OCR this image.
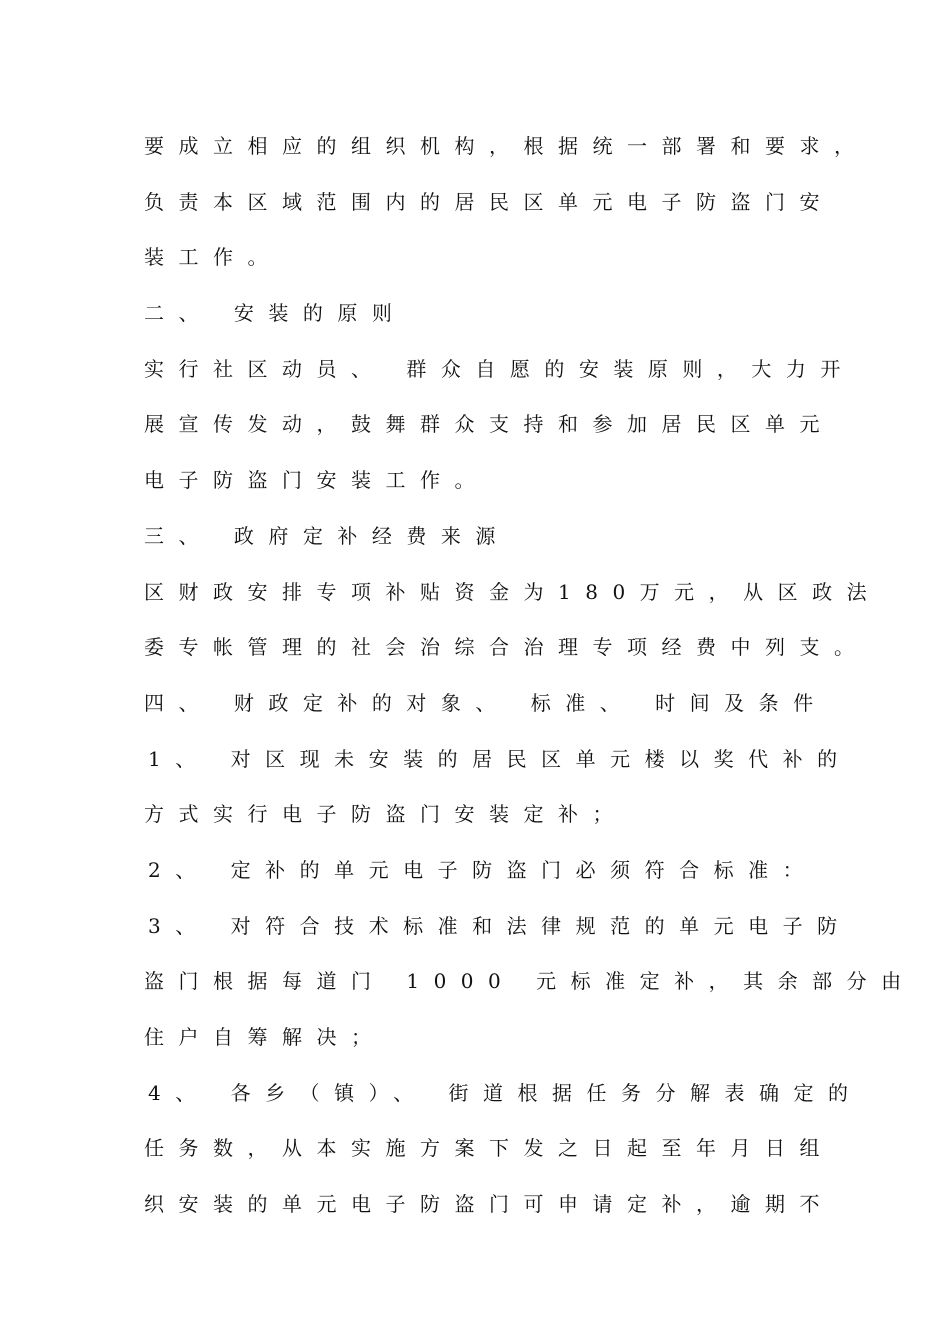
要成立相应的组织机构，根据统一部署和要求，
负责本区域范围内的居民区单元电子防盗门安
装工作。
二、 安装的原则
实行社区动员、 群众自愿的安装原则，大力开
展宣传发动，鼓舞群众支持和参加居民区单元
电子防盗门安装工作。
三、 政府定补经费来源
区财政安排专项补贴资金为180万元，从区政法
委专帐管理的社会治综合治理专项经费中列支。
四、 财政定补的对象、 标准、 时间及条件
1、 对区现未安装的居民区单元楼以奖代补的
方式实行电子防盗门安装定补；
2、 定补的单元电子防盗门必须符合标准：
3、 对符合技术标准和法律规范的单元电子防
盗门根据每道门 1000 元标准定补，其余部分由
住户自筹解决；
4、 各乡（镇）、 街道根据任务分解表确定的
任务数，从本实施方案下发之日起至年月日组
织安装的单元电子防盗门可申请定补，逾期不
